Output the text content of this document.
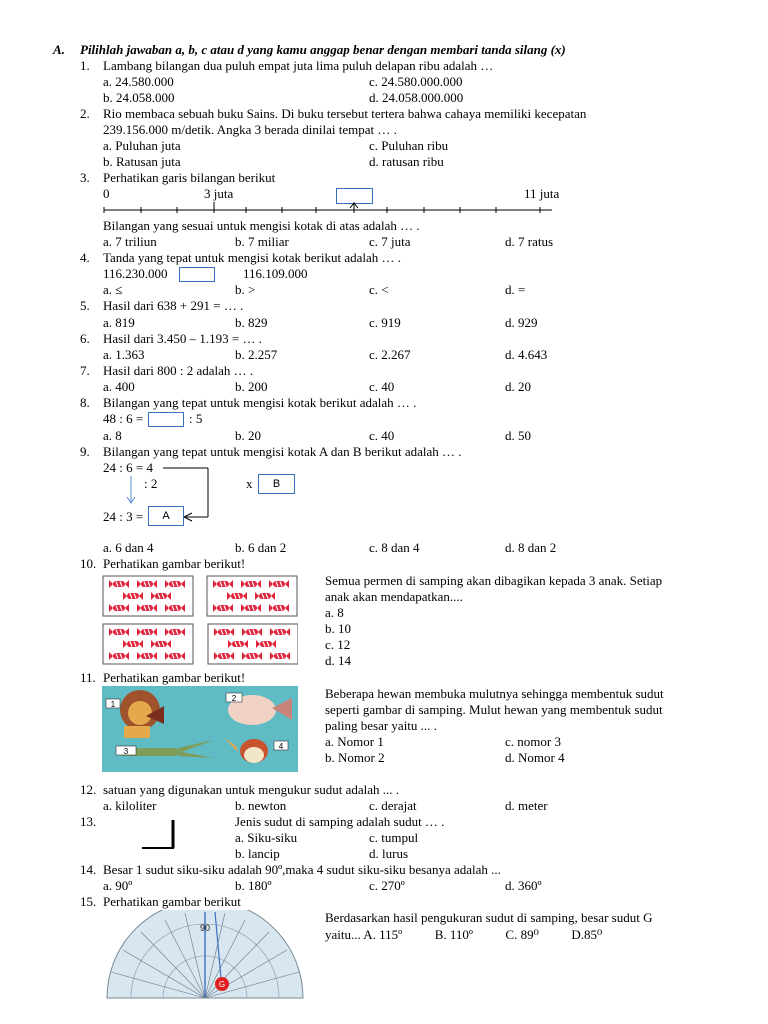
A. Pilihlah jawaban a, b, c atau d yang kamu anggap benar dengan membari tanda silang (x)
1. Lambang bilangan dua puluh empat juta lima puluh delapan ribu adalah …
a. 24.580.000	c. 24.580.000.000
b. 24.058.000	d. 24.058.000.000
2. Rio membaca sebuah buku Sains. Di buku tersebut tertera bahwa cahaya memiliki kecepatan
239.156.000 m/detik. Angka 3 berada dinilai tempat … .
a. Puluhan juta	c. Puluhan ribu
b. Ratusan juta	d. ratusan ribu
3. Perhatikan garis bilangan berikut
0	3 juta	11 juta
Bilangan yang sesuai untuk mengisi kotak di atas adalah … .
a. 7 triliun	b. 7 miliar	c. 7 juta	d. 7 ratus
4. Tanda yang tepat untuk mengisi kotak berikut adalah … .
116.230.000	116.109.000
a. ≤	b. >	c. <	d. =
5. Hasil dari 638 + 291 = … .
a. 819	b. 829	c. 919	d. 929
6. Hasil dari 3.450 – 1.193 = … .
a. 1.363	b. 2.257	c. 2.267	d. 4.643
7. Hasil dari 800 : 2 adalah … .
a. 400	b. 200	c. 40	d. 20
8. Bilangan yang tepat untuk mengisi kotak berikut adalah … .
48 : 6 =	: 5
a. 8	b. 20	c. 40	d. 50
9. Bilangan yang tepat untuk mengisi kotak A dan B berikut adalah … .
24 : 6 = 4
: 2	x	B
24 : 3 =	A
a. 6 dan 4	b. 6 dan 2	c. 8 dan 4	d. 8 dan 2
10. Perhatikan gambar berikut!
Semua permen di samping akan dibagikan kepada 3 anak. Setiap
anak akan mendapatkan....
a. 8
b. 10
c. 12
d. 14
11. Perhatikan gambar berikut!
1
2
3
4
Beberapa hewan membuka mulutnya sehingga membentuk sudut
seperti gambar di samping. Mulut hewan yang membentuk sudut
paling besar yaitu ... .
a. Nomor 1	c. nomor 3
b. Nomor 2	d. Nomor 4
12. satuan yang digunakan untuk mengukur sudut adalah ... .
a. kiloliter	b. newton	c. derajat	d. meter
13.	Jenis sudut di samping adalah sudut … .
a. Siku-siku	c. tumpul
b. lancip	d. lurus
14. Besar 1 sudut siku-siku adalah 90º,maka 4 sudut siku-siku besanya adalah ...
a. 90º	b. 180º	c. 270º	d. 360º
15. Perhatikan gambar berikut
90
G
Berdasarkan hasil pengukuran sudut di samping, besar sudut G
yaitu... A. 115º          B. 110º          C. 89⁰          D.85⁰
